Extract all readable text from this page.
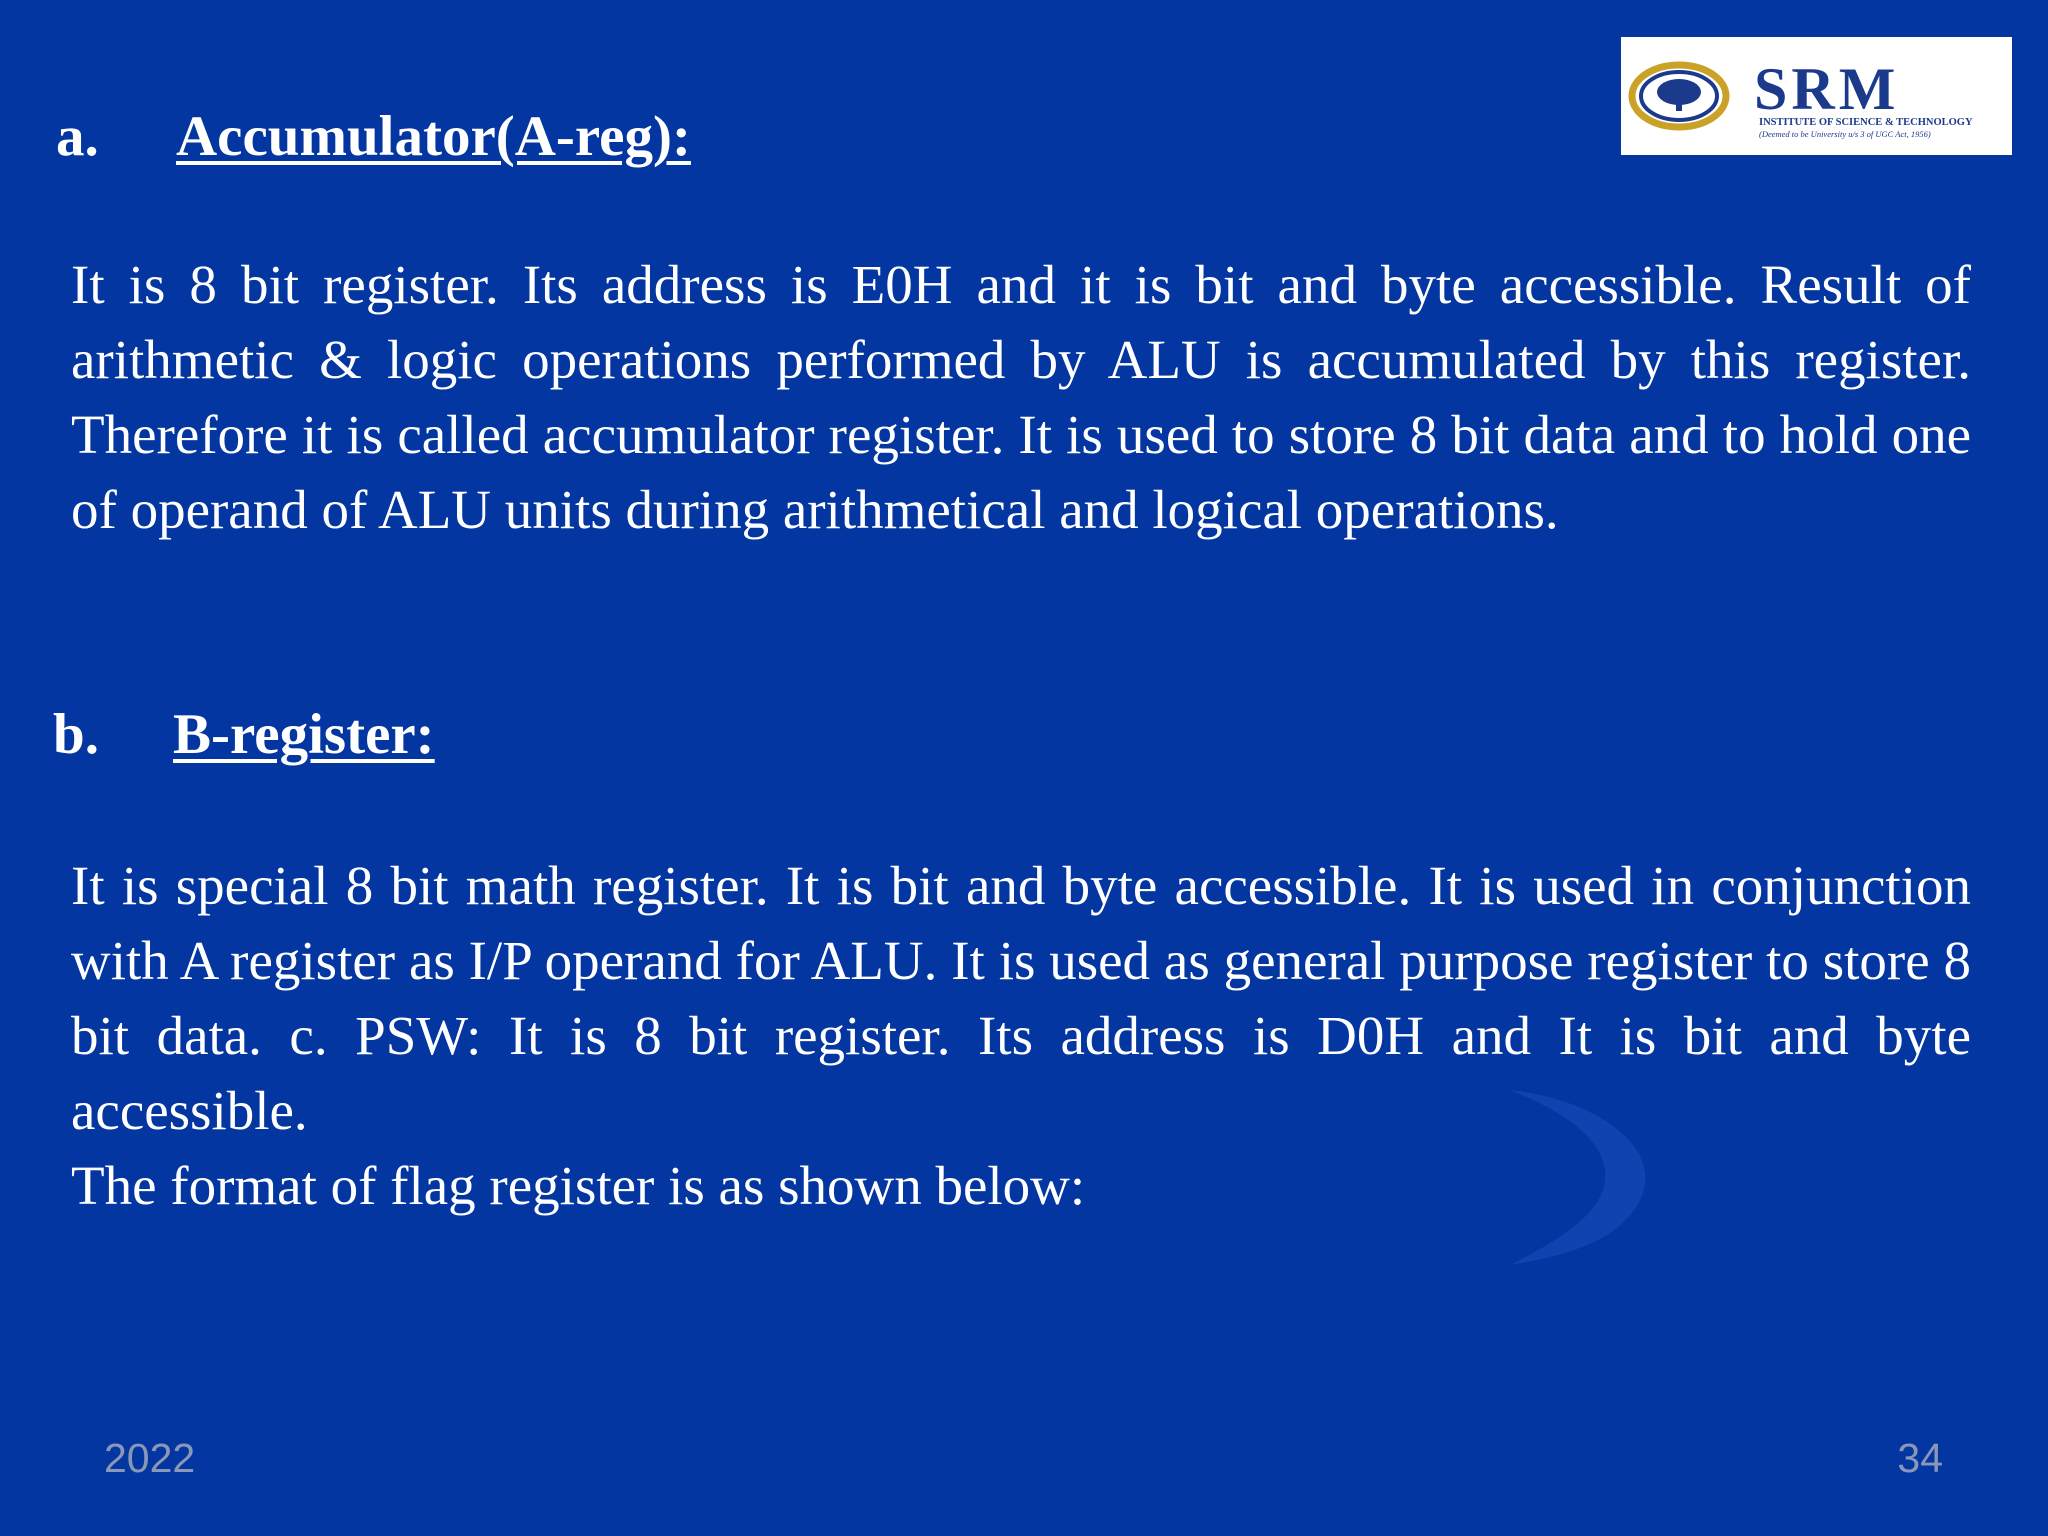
SRM
INSTITUTE OF SCIENCE & TECHNOLOGY
(Deemed to be University u/s 3 of UGC Act, 1956)
a. Accumulator(A-reg):

It is 8 bit register. Its address is E0H and it is bit and byte accessible. Result of arithmetic & logic operations performed by ALU is accumulated by this register. Therefore it is called accumulator register. It is used to store 8 bit data and to hold one of operand of ALU units during arithmetical and logical operations.

b. B-register:
It is special 8 bit math register. It is bit and byte accessible. It is used in conjunction with A register as I/P operand for ALU. It is used as general purpose register to store 8 bit data. c. PSW: It is 8 bit register. Its address is D0H and It is bit and byte accessible.
The format of flag register is as shown below:
2022	34
